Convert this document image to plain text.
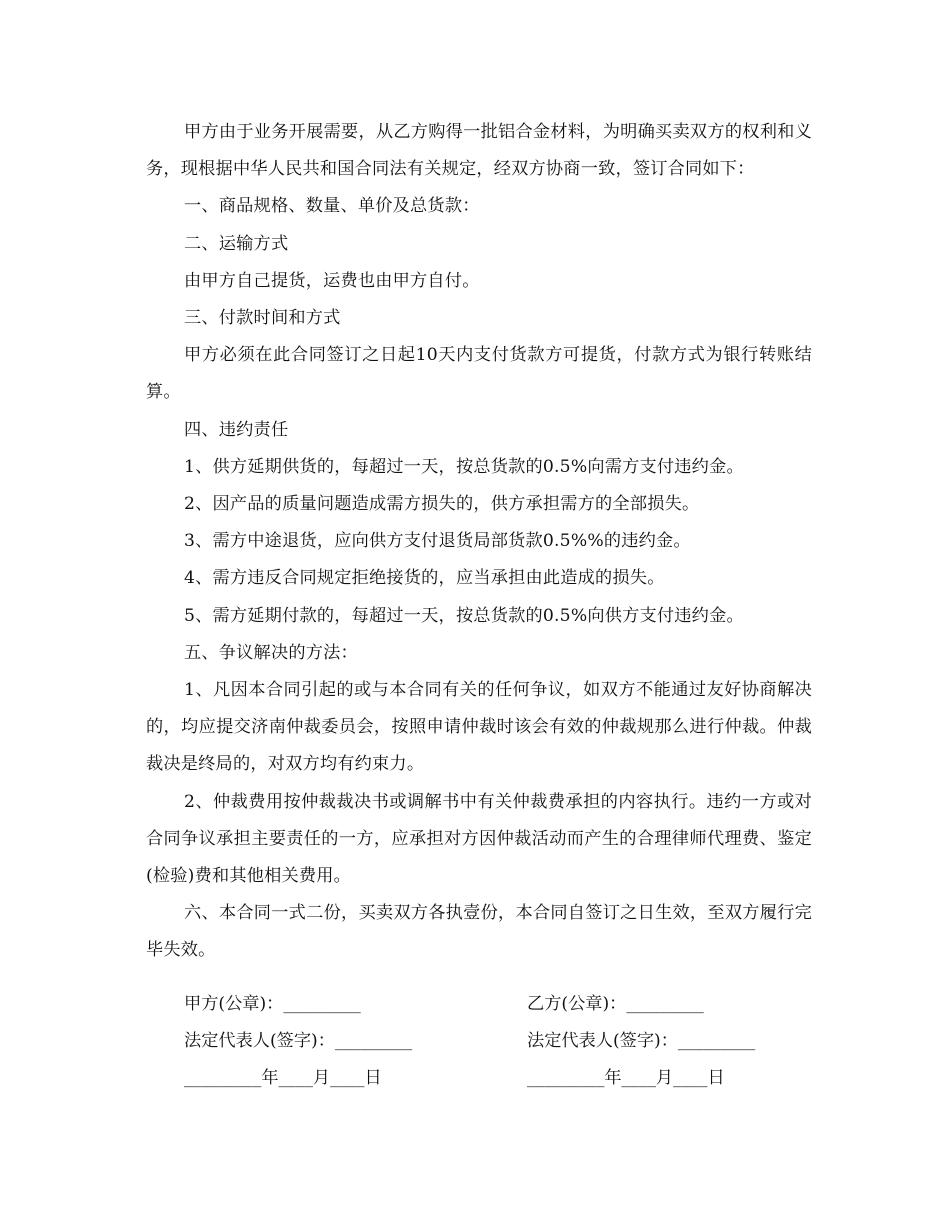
甲方由于业务开展需要，从乙方购得一批铝合金材料，为明确买卖双方的权利和义务，现根据中华人民共和国合同法有关规定，经双方协商一致，签订合同如下：

一、商品规格、数量、单价及总货款：

二、运输方式

由甲方自己提货，运费也由甲方自付。

三、付款时间和方式

甲方必须在此合同签订之日起10天内支付货款方可提货，付款方式为银行转账结算。

四、违约责任

1、供方延期供货的，每超过一天，按总货款的0.5%向需方支付违约金。

2、因产品的质量问题造成需方损失的，供方承担需方的全部损失。

3、需方中途退货，应向供方支付退货局部货款0.5%%的违约金。

4、需方违反合同规定拒绝接货的，应当承担由此造成的损失。

5、需方延期付款的，每超过一天，按总货款的0.5%向供方支付违约金。

五、争议解决的方法：

1、凡因本合同引起的或与本合同有关的任何争议，如双方不能通过友好协商解决的，均应提交济南仲裁委员会，按照申请仲裁时该会有效的仲裁规那么进行仲裁。仲裁裁决是终局的，对双方均有约束力。

2、仲裁费用按仲裁裁决书或调解书中有关仲裁费承担的内容执行。违约一方或对合同争议承担主要责任的一方，应承担对方因仲裁活动而产生的合理律师代理费、鉴定(检验)费和其他相关费用。

六、本合同一式二份，买卖双方各执壹份，本合同自签订之日生效，至双方履行完毕失效。

甲方(公章)：_________	乙方(公章)：_________
法定代表人(签字)：_________	法定代表人(签字)：_________
_________年____月____日	_________年____月____日
